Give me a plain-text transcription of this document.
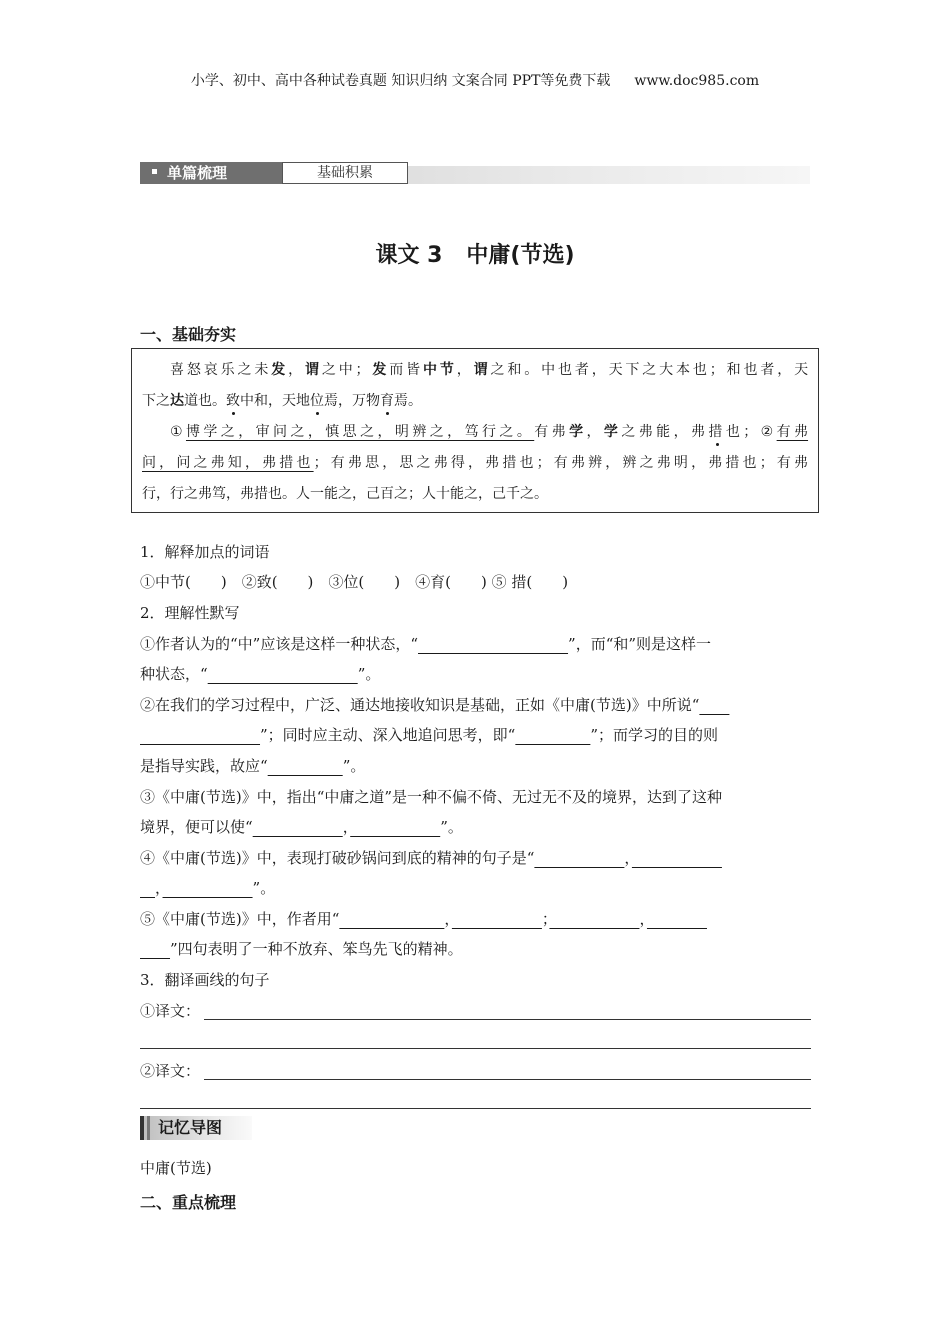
小学、初中、高中各种试卷真题 知识归纳 文案合同 PPT等免费下载 www.doc985.com
单篇梳理	基础积累
课文 3 中庸(节选)
一、基础夯实

喜怒哀乐之未发，谓之中；发而皆中节，谓之和。中也者，天下之大本也；和也者，天

下之达道也。致中和，天地位焉，万物育焉。

①博学之，审问之，慎思之，明辨之，笃行之。有弗学，学之弗能，弗措也；②有弗

问，问之弗知，弗措也；有弗思，思之弗得，弗措也；有弗辨，辨之弗明，弗措也；有弗

行，行之弗笃，弗措也。人一能之，己百之；人十能之，己千之。

1．解释加点的词语
①中节(　　)　②致(　　)　③位(　　)　④育(　　) ⑤ 措(　　)
2．理解性默写
①作者认为的“中”应该是这样一种状态，“　　　　　　　　　　	”，而“和”则是这样一
种状态，“　　　　　　　　　　	”。
②在我们的学习过程中，广泛、通达地接收知识是基础，正如《中庸(节选)》中所说“　　
　　　　　　　　”；同时应主动、深入地追问思考，即“　　　　　	”；而学习的目的则
是指导实践，故应“　　　　　	”。
③《中庸(节选)》中，指出“中庸之道”是一种不偏不倚、无过无不及的境界，达到了这种
境界，便可以使“　　　　　　	，　　　　　　	”。
④《中庸(节选)》中，表现打破砂锅问到底的精神的句子是“　　　　　　	，　　　　　　
　，　　　　　　	”。
⑤《中庸(节选)》中，作者用“　　　　　　　	，　　　　　　	；　　　　　　	，　　　　
　　”四句表明了一种不放弃、笨鸟先飞的精神。
3．翻译画线的句子
①译文：
②译文：
记忆导图
中庸(节选)
二、重点梳理
